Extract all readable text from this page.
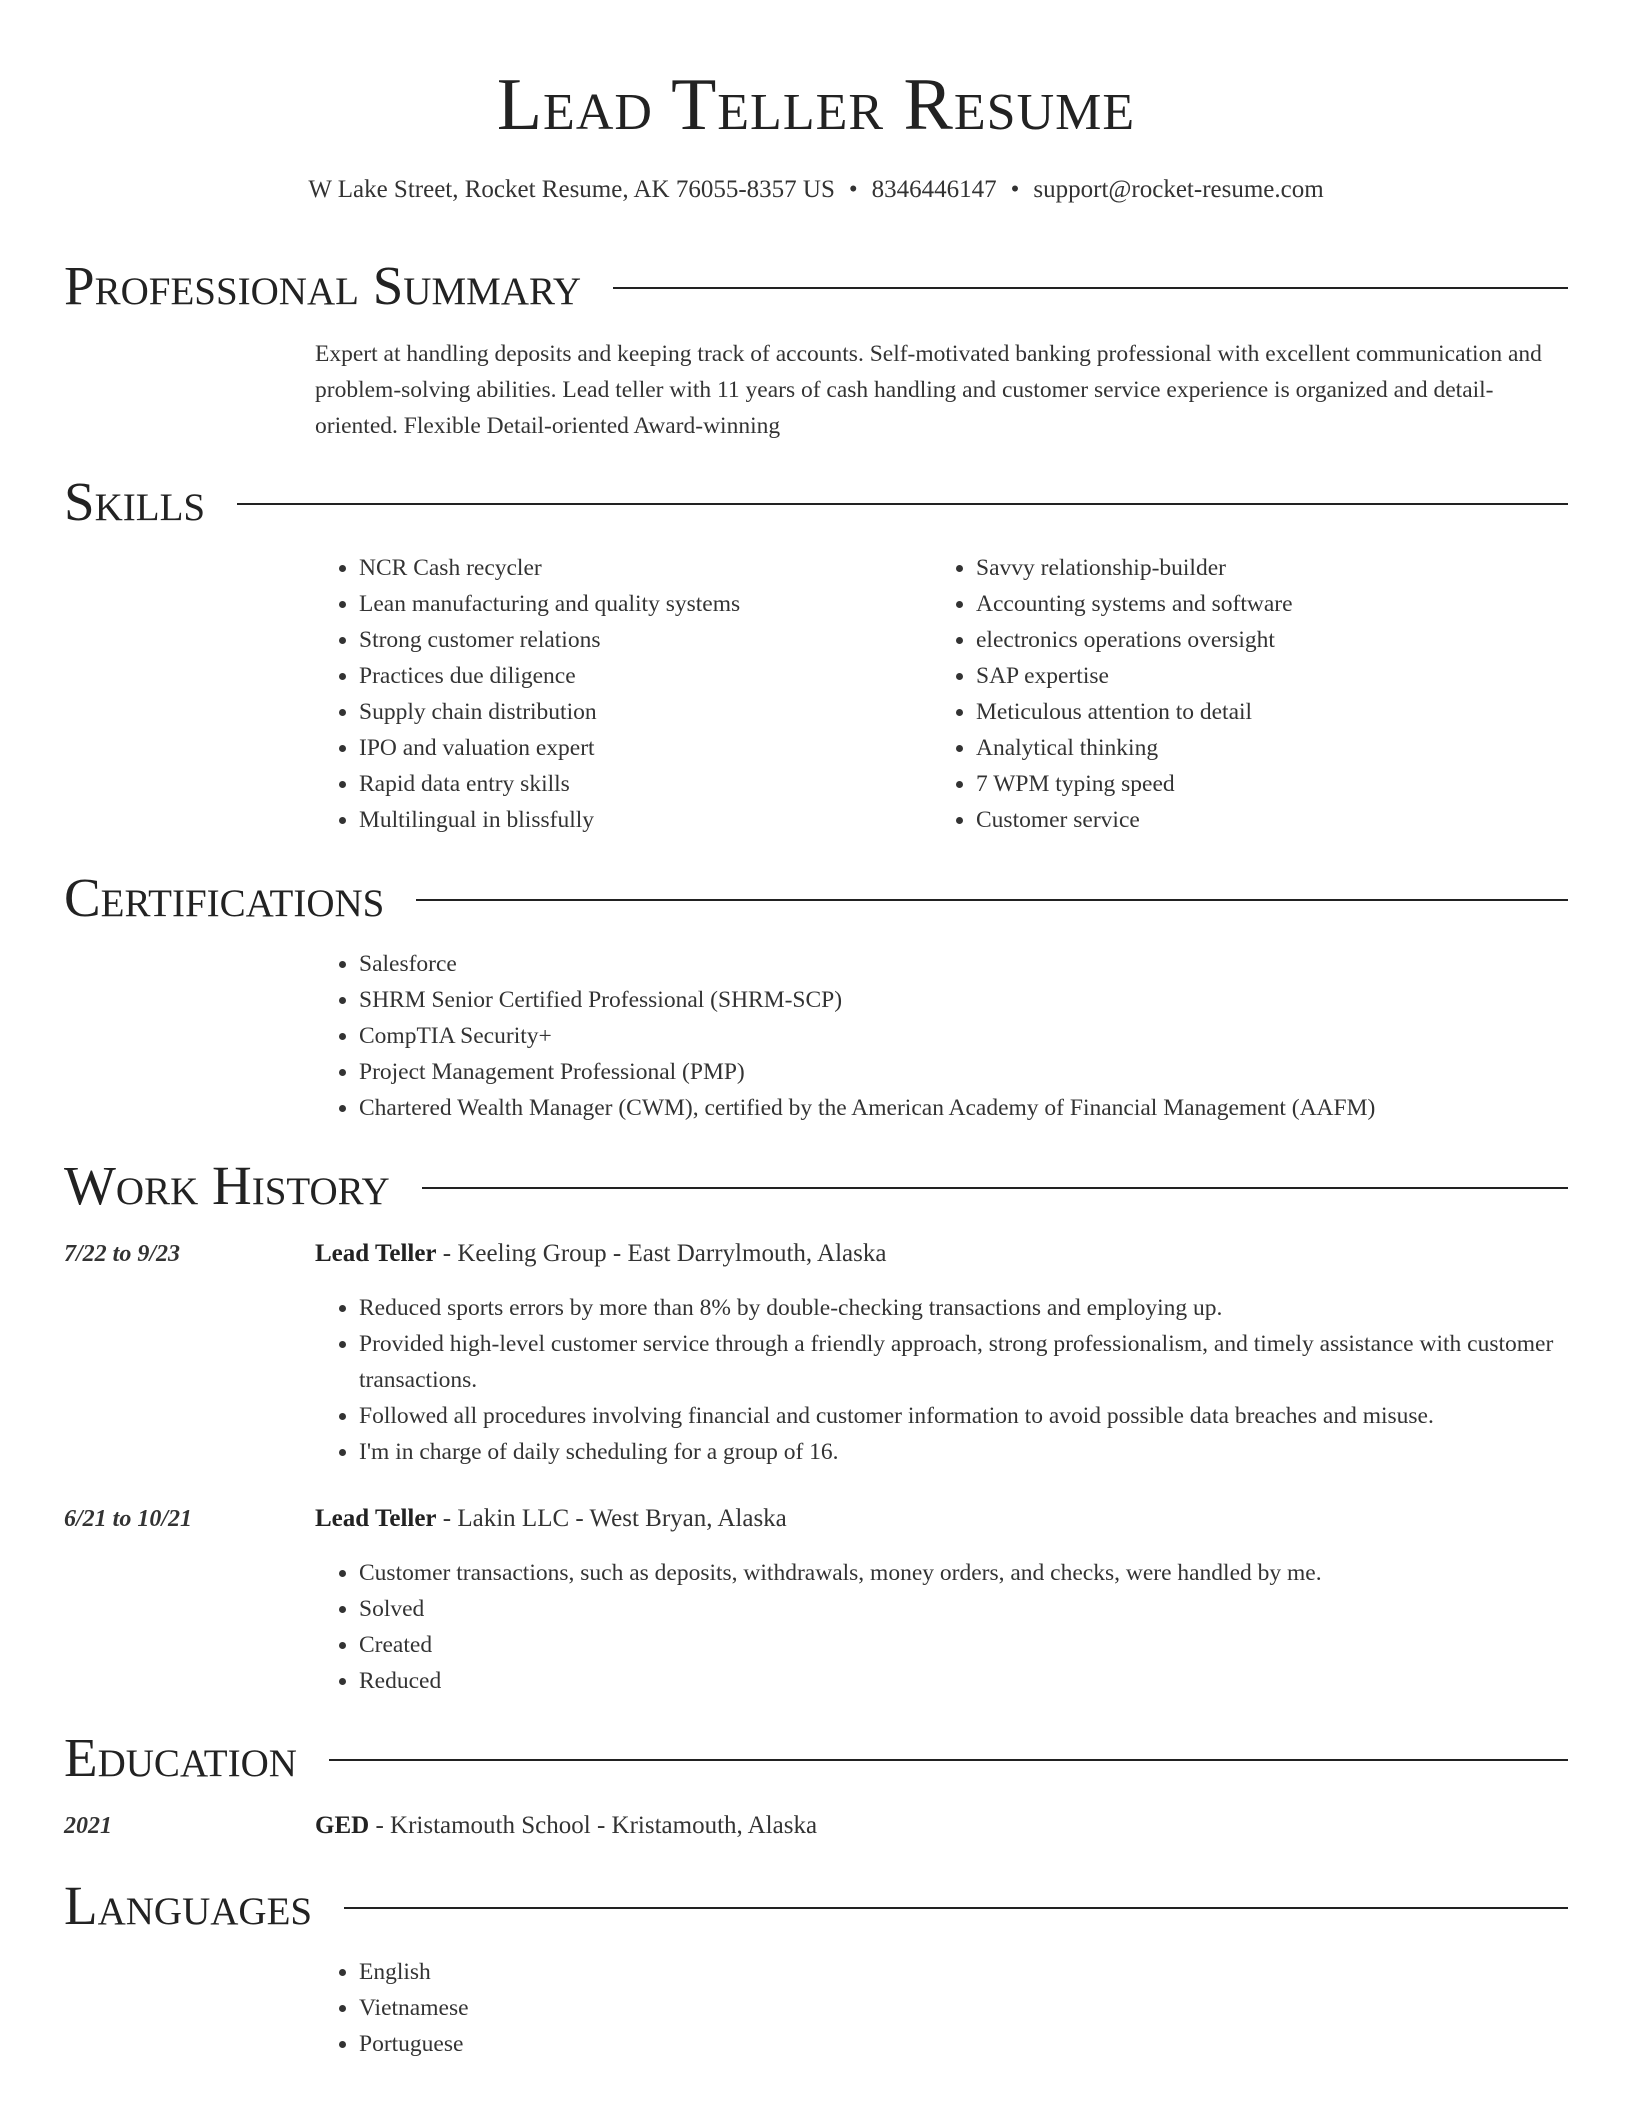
Lead Teller Resume
W Lake Street, Rocket Resume, AK 76055-8357 US • 8346446147 • support@rocket-resume.com
Professional Summary

Expert at handling deposits and keeping track of accounts. Self-motivated banking professional with excellent communication and problem-solving abilities. Lead teller with 11 years of cash handling and customer service experience is organized and detail-oriented. Flexible Detail-oriented Award-winning

Skills
• NCR Cash recycler
• Lean manufacturing and quality systems
• Strong customer relations
• Practices due diligence
• Supply chain distribution
• IPO and valuation expert
• Rapid data entry skills
• Multilingual in blissfully
• Savvy relationship-builder
• Accounting systems and software
• electronics operations oversight
• SAP expertise
• Meticulous attention to detail
• Analytical thinking
• 7 WPM typing speed
• Customer service
Certifications
• Salesforce
• SHRM Senior Certified Professional (SHRM-SCP)
• CompTIA Security+
• Project Management Professional (PMP)
• Chartered Wealth Manager (CWM), certified by the American Academy of Financial Management (AAFM)
Work History
7/22 to 9/23	Lead Teller - Keeling Group - East Darrylmouth, Alaska
• Reduced sports errors by more than 8% by double-checking transactions and employing up.
• Provided high-level customer service through a friendly approach, strong professionalism, and timely assistance with customer transactions.
• Followed all procedures involving financial and customer information to avoid possible data breaches and misuse.
• I'm in charge of daily scheduling for a group of 16.
6/21 to 10/21	Lead Teller - Lakin LLC - West Bryan, Alaska
• Customer transactions, such as deposits, withdrawals, money orders, and checks, were handled by me.
• Solved
• Created
• Reduced
Education
2021	GED - Kristamouth School - Kristamouth, Alaska
Languages
• English
• Vietnamese
• Portuguese
